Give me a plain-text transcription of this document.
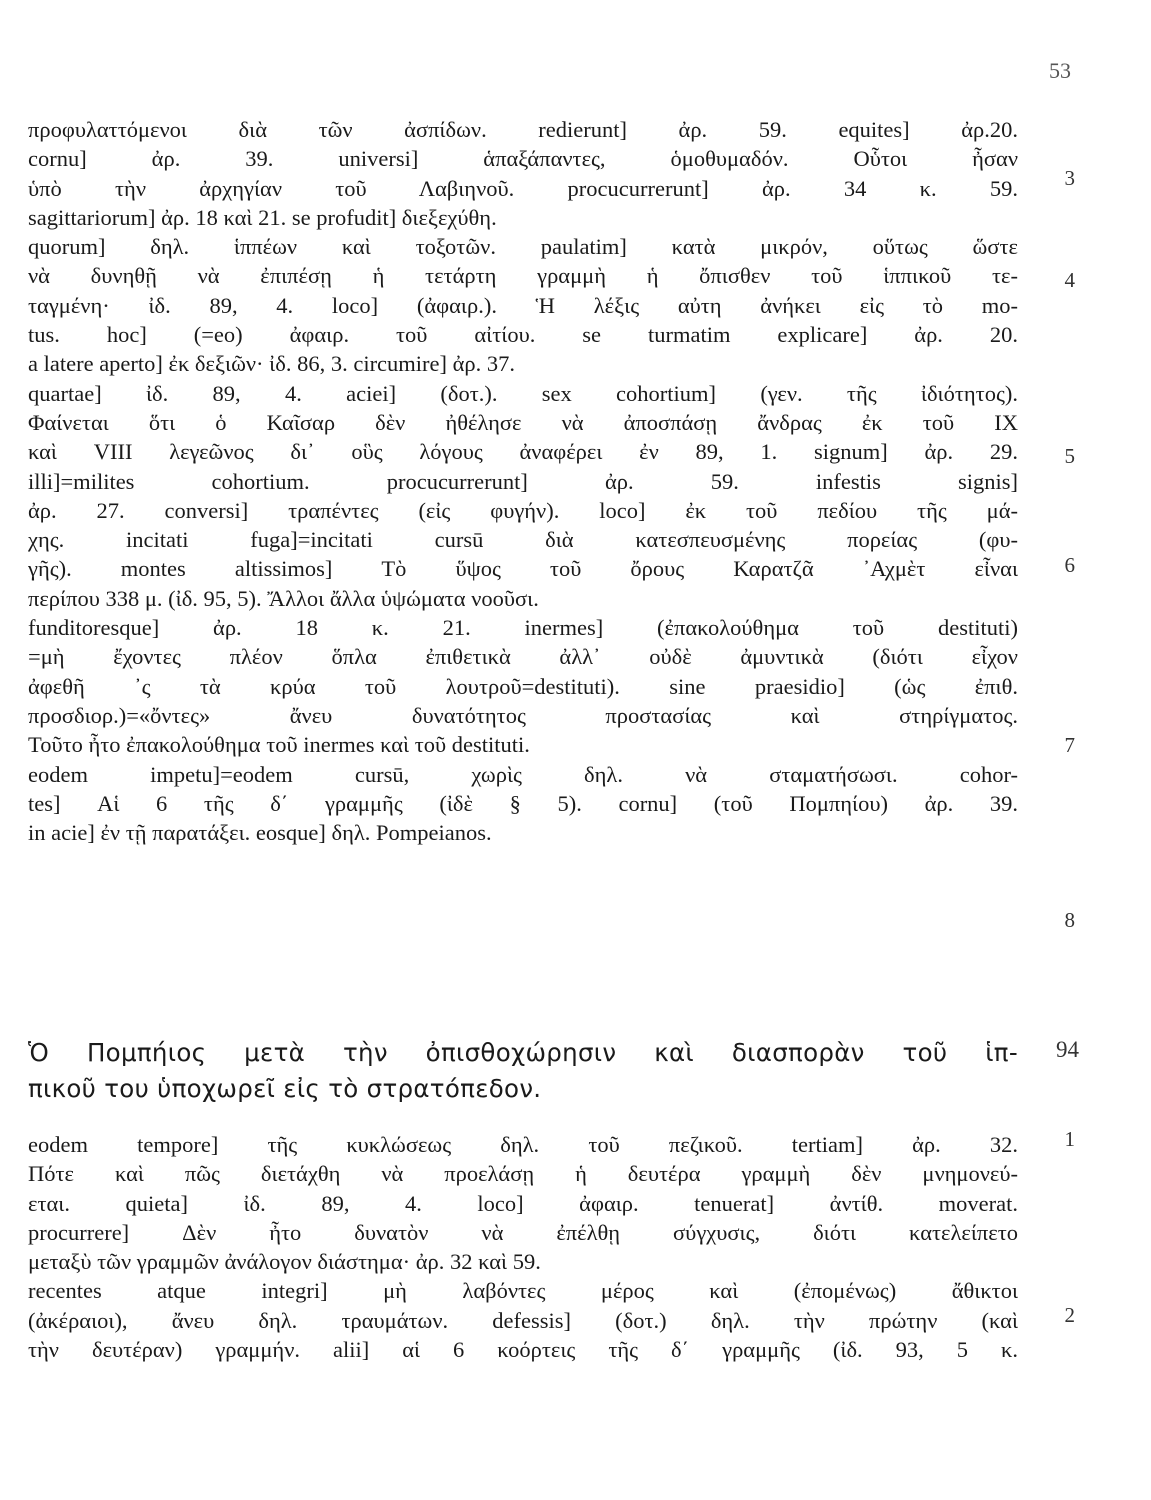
53
προφυλαττόμενοι διὰ τῶν ἀσπίδων. redierunt] ἀρ. 59. equites] ἀρ.20.
cornu] ἀρ. 39. universi] ἁπαξάπαντες, ὁμοθυμαδόν. Οὗτοι ἦσαν
ὑπὸ τὴν ἀρχηγίαν τοῦ Λαβιηνοῦ. procucurrerunt] ἀρ. 34 κ. 59.
sagittariorum] ἀρ. 18 καὶ 21. se profudit] διεξεχύθη.
quorum] δηλ. ἱππέων καὶ τοξοτῶν. paulatim] κατὰ μικρόν, οὕτως ὥστε
νὰ δυνηθῇ νὰ ἐπιπέσῃ ἡ τετάρτη γραμμὴ ἡ ὄπισθεν τοῦ ἱππικοῦ τε-
ταγμένη· ἰδ. 89, 4. loco] (ἀφαιρ.). Ἡ λέξις αὐτη ἀνήκει εἰς τὸ mo-
tus. hoc] (=eo) ἀφαιρ. τοῦ αἰτίου. se turmatim explicare] ἀρ. 20.
a latere aperto] ἐκ δεξιῶν· ἰδ. 86, 3. circumire] ἀρ. 37.
quartae] ἰδ. 89, 4. aciei] (δοτ.). sex cohortium] (γεν. τῆς ἰδιότητος).
Φαίνεται ὅτι ὁ Καῖσαρ δὲν ἠθέλησε νὰ ἀποσπάσῃ ἄνδρας ἐκ τοῦ IX
καὶ VIII λεγεῶνος δι᾽ οὓς λόγους ἀναφέρει ἐν 89, 1. signum] ἀρ. 29.
illi]=milites cohortium. procucurrerunt] ἀρ. 59. infestis signis]
ἀρ. 27. conversi] τραπέντες (εἰς φυγήν). loco] ἐκ τοῦ πεδίου τῆς μά-
χης. incitati fuga]=incitati cursū διὰ κατεσπευσμένης πορείας (φυ-
γῆς). montes altissimos] Τὸ ὕψος τοῦ ὄρους Καρατζᾶ ᾿Αχμὲτ εἶναι
περίπου 338 μ. (ἰδ. 95, 5). Ἄλλοι ἄλλα ὑψώματα νοοῦσι.
funditoresque] ἀρ. 18 κ. 21. inermes] (ἐπακολούθημα τοῦ destituti)
=μὴ ἔχοντες πλέον ὅπλα ἐπιθετικὰ ἀλλ᾽ οὐδὲ ἀμυντικὰ (διότι εἶχον
ἀφεθῆ ᾽ς τὰ κρύα τοῦ λουτροῦ=destituti). sine praesidio] (ὡς ἐπιθ.
προσδιορ.)=«ὄντες» ἄνευ δυνατότητος προστασίας καὶ στηρίγματος.
Τοῦτο ἦτο ἐπακολούθημα τοῦ inermes καὶ τοῦ destituti.
eodem impetu]=eodem cursū, χωρὶς δηλ. νὰ σταματήσωσι. cohor-
tes] Αἱ 6 τῆς δ΄ γραμμῆς (ἰδὲ § 5). cornu] (τοῦ Πομπηίου) ἀρ. 39.
in acie] ἐν τῇ παρατάξει. eosque] δηλ. Pompeianos.
Ὁ Πομπήιος μετὰ τὴν ὀπισθοχώρησιν καὶ διασπορὰν τοῦ ἱπ-
πικοῦ του ὑποχωρεῖ εἰς τὸ στρατόπεδον.
eodem tempore] τῆς κυκλώσεως δηλ. τοῦ πεζικοῦ. tertiam] ἀρ. 32.
Πότε καὶ πῶς διετάχθη νὰ προελάσῃ ἡ δευτέρα γραμμὴ δὲν μνημονεύ-
εται. quieta] ἰδ. 89, 4. loco] ἀφαιρ. tenuerat] ἀντίθ. moverat.
procurrere] Δὲν ἦτο δυνατὸν νὰ ἐπέλθῃ σύγχυσις, διότι κατελείπετο
μεταξὺ τῶν γραμμῶν ἀνάλογον διάστημα· ἀρ. 32 καὶ 59.
recentes atque integri] μὴ λαβόντες μέρος καὶ (ἐπομένως) ἄθικτοι
(ἀκέραιοι), ἄνευ δηλ. τραυμάτων. defessis] (δοτ.) δηλ. τὴν πρώτην (καὶ
τὴν δευτέραν) γραμμήν. alii] αἱ 6 κοόρτεις τῆς δ΄ γραμμῆς (ἰδ. 93, 5 κ.
3
4
5
6
7
8
94
1
2
